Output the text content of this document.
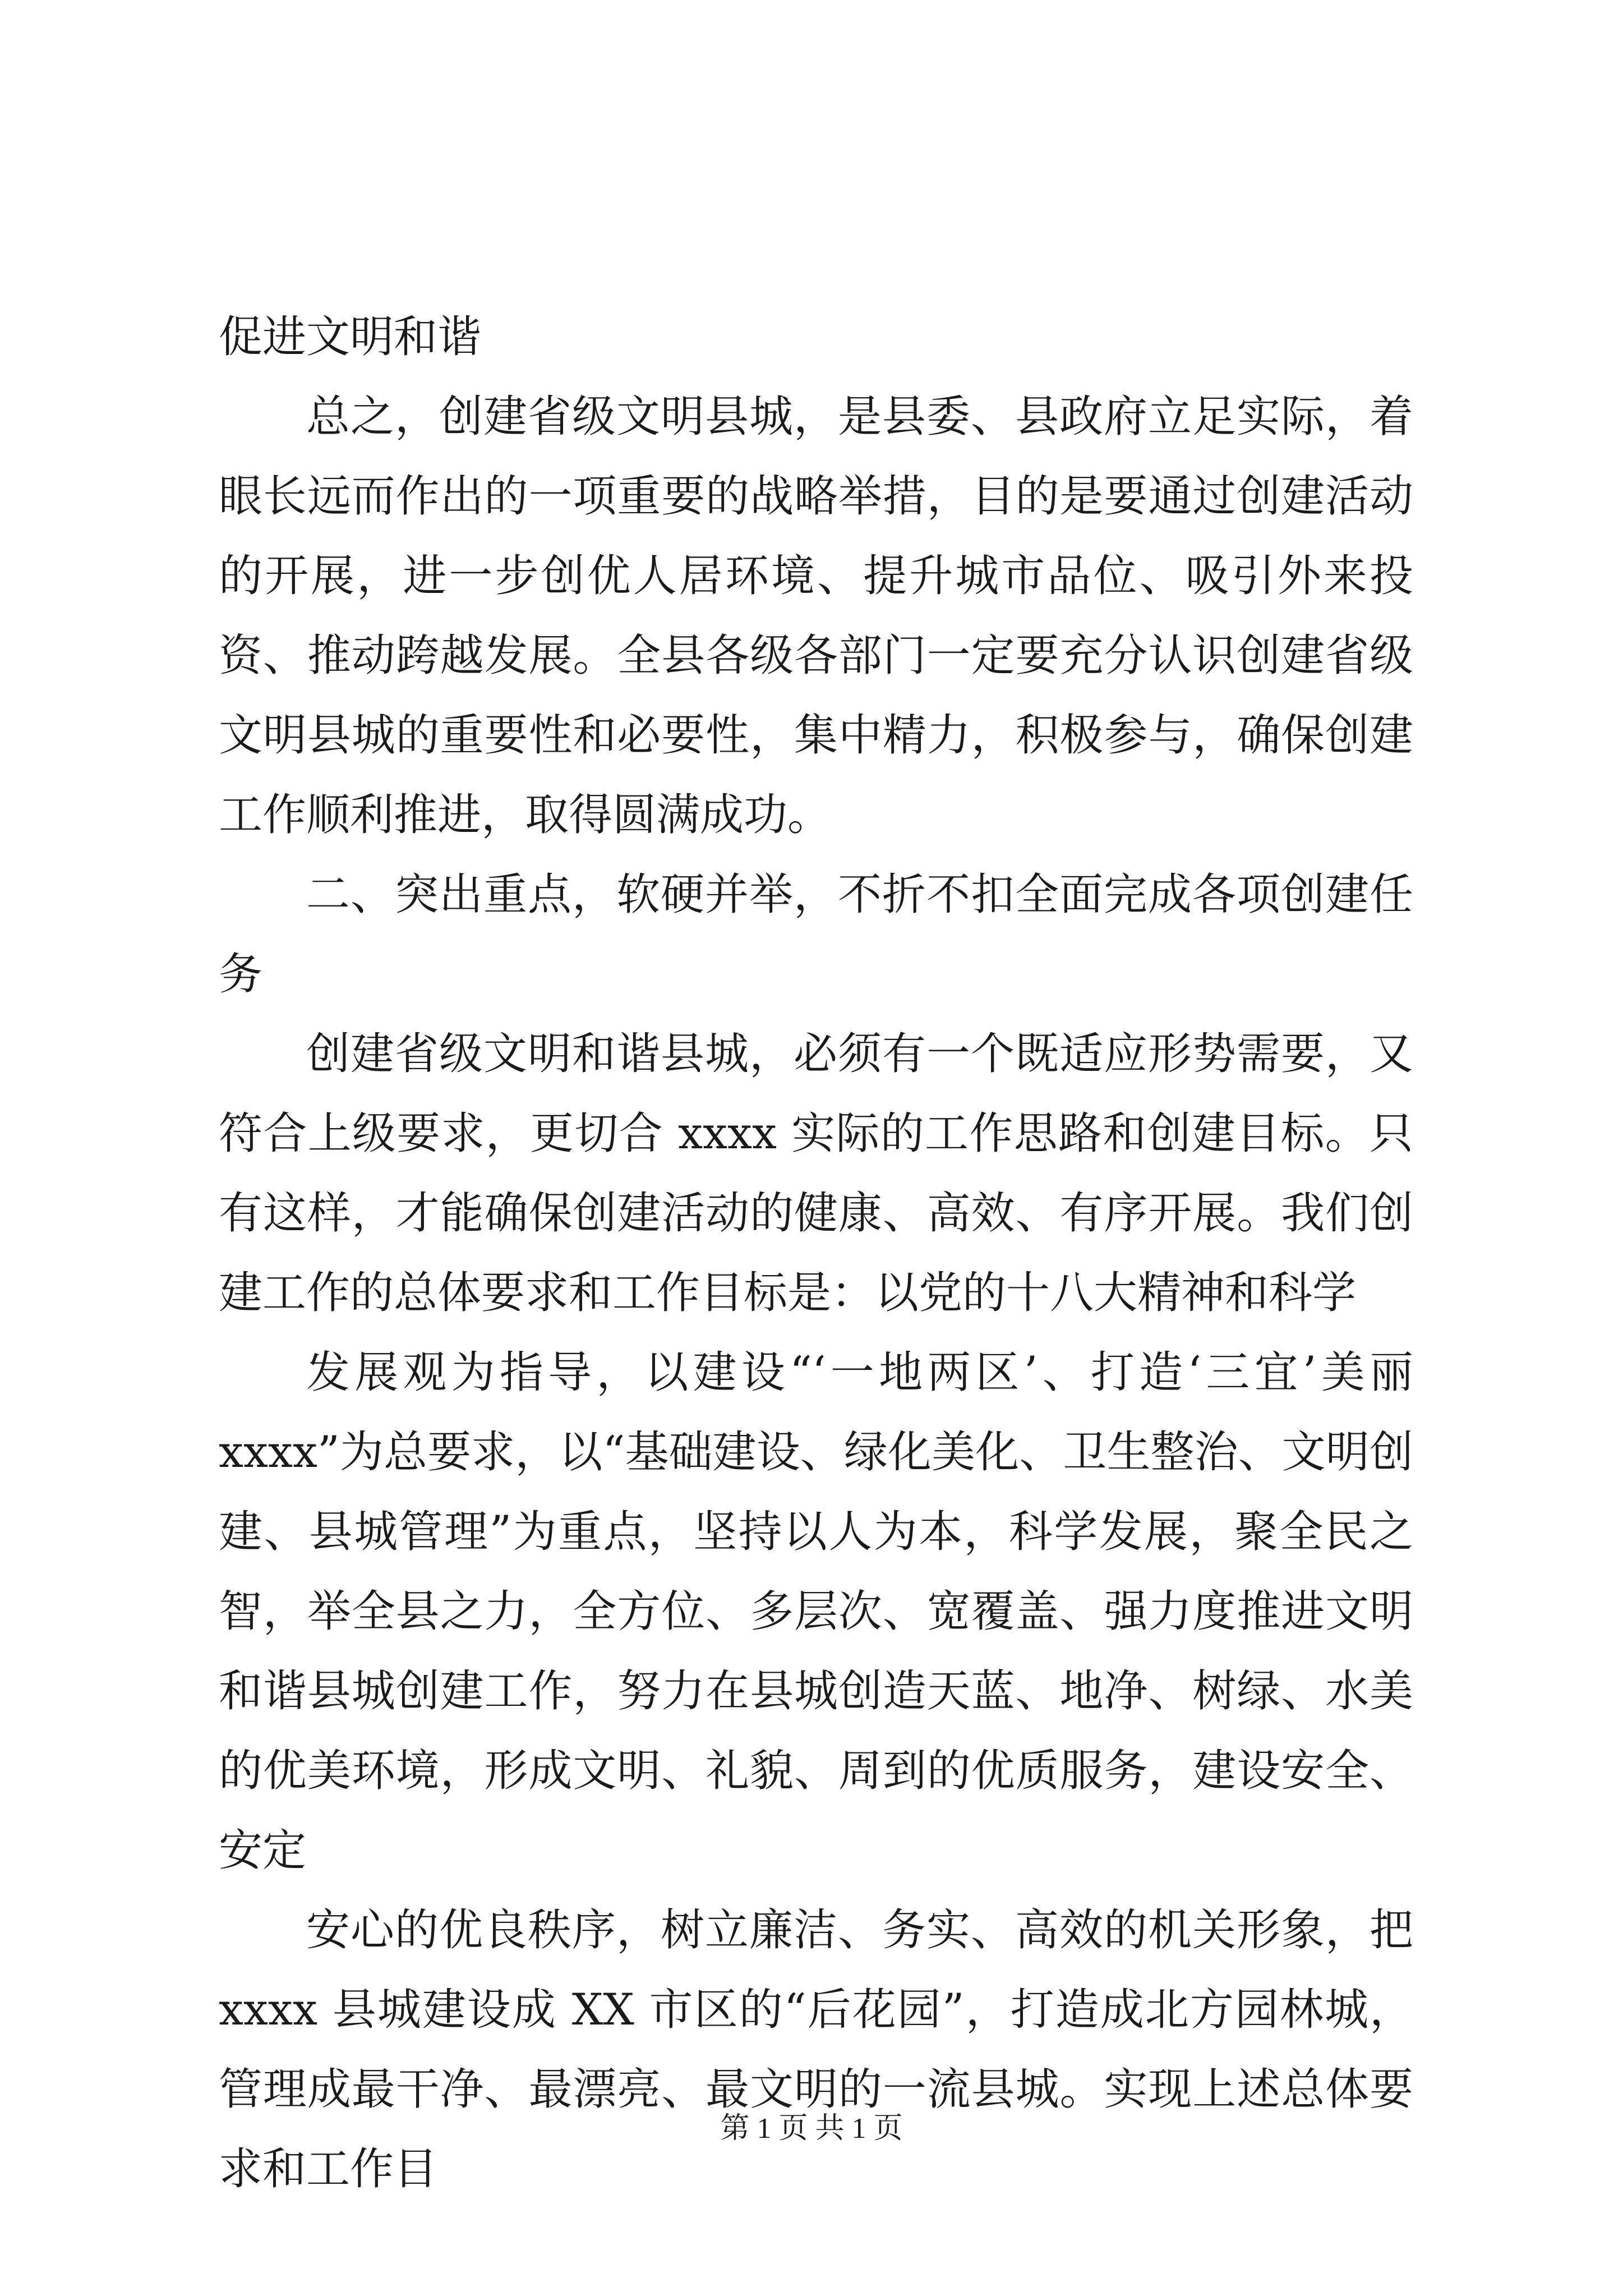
促进文明和谐

总之，创建省级文明县城，是县委、县政府立足实际，着眼长远而作出的一项重要的战略举措，目的是要通过创建活动的开展，进一步创优人居环境、提升城市品位、吸引外来投资、推动跨越发展。全县各级各部门一定要充分认识创建省级文明县城的重要性和必要性，集中精力，积极参与，确保创建工作顺利推进，取得圆满成功。

二、突出重点，软硬并举，不折不扣全面完成各项创建任务

创建省级文明和谐县城，必须有一个既适应形势需要，又符合上级要求，更切合 xxxx 实际的工作思路和创建目标。只有这样，才能确保创建活动的健康、高效、有序开展。我们创建工作的总体要求和工作目标是：以党的十八大精神和科学

发展观为指导，以建设“‘一地两区’、打造‘三宜’美丽 xxxx”为总要求，以“基础建设、绿化美化、卫生整治、文明创建、县城管理”为重点，坚持以人为本，科学发展，聚全民之智，举全县之力，全方位、多层次、宽覆盖、强力度推进文明和谐县城创建工作，努力在县城创造天蓝、地净、树绿、水美的优美环境，形成文明、礼貌、周到的优质服务，建设安全、安定

安心的优良秩序，树立廉洁、务实、高效的机关形象，把 xxxx 县城建设成 XX 市区的“后花园”，打造成北方园林城，管理成最干净、最漂亮、最文明的一流县城。实现上述总体要求和工作目

第 1 页 共 1 页
